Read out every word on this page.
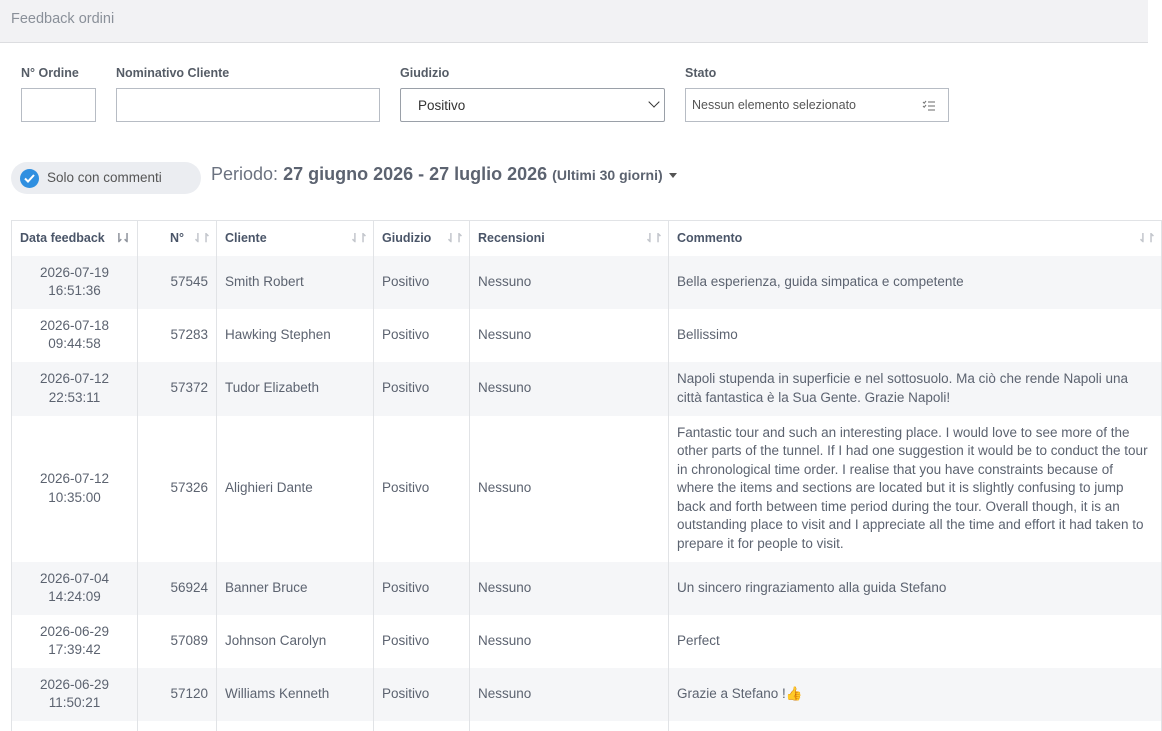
Feedback ordini
N° Ordine	Nominativo Cliente	Giudizio
Positivo
Stato
Nessun elemento selezionato
Solo con commenti	Periodo: 27 giugno 2026 - 27 luglio 2026 (Ultimi 30 giorni)
Data feedback ⇂⇃	N° ⇃↾	Cliente ⇃↾	Giudizio ⇃↾	Recensioni ⇃↾	Commento ⇃↾

2026-07-19
16:51:36	57545	Smith Robert	Positivo	Nessuno	Bella esperienza, guida simpatica e competente
2026-07-18
09:44:58	57283	Hawking Stephen	Positivo	Nessuno	Bellissimo
2026-07-12
22:53:11	57372	Tudor Elizabeth	Positivo	Nessuno	Napoli stupenda in superficie e nel sottosuolo. Ma ciò che rende Napoli una città fantastica è la Sua Gente. Grazie Napoli!
2026-07-12
10:35:00	57326	Alighieri Dante	Positivo	Nessuno	Fantastic tour and such an interesting place. I would love to see more of the other parts of the tunnel. If I had one suggestion it would be to conduct the tour in chronological time order. I realise that you have constraints because of where the items and sections are located but it is slightly confusing to jump back and forth between time period during the tour. Overall though, it is an outstanding place to visit and I appreciate all the time and effort it had taken to prepare it for people to visit.
2026-07-04
14:24:09	56924	Banner Bruce	Positivo	Nessuno	Un sincero ringraziamento alla guida Stefano
2026-06-29
17:39:42	57089	Johnson Carolyn	Positivo	Nessuno	Perfect
2026-06-29
11:50:21	57120	Williams Kenneth	Positivo	Nessuno	Grazie a Stefano !👍
